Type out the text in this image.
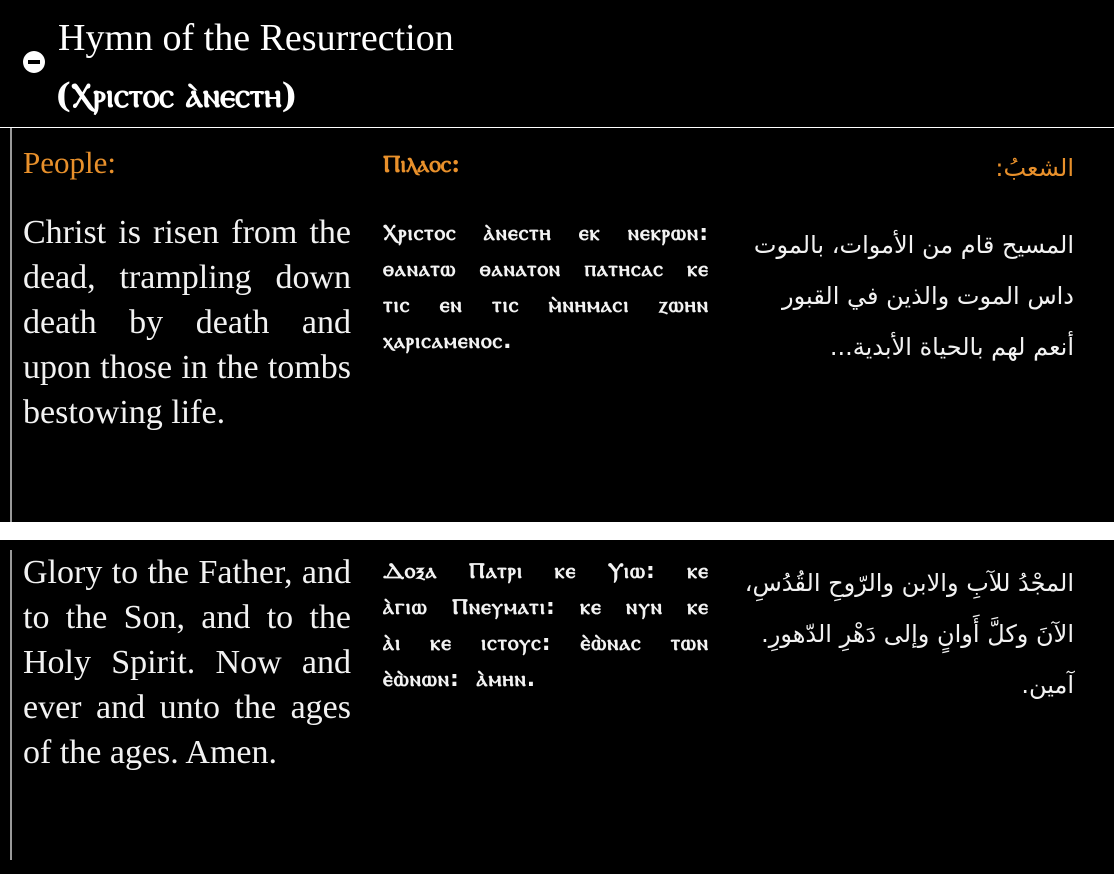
Hymn of the Resurrection
(Ⲭⲣⲓⲥⲧⲟⲥ ⲁ̀ⲛⲉⲥⲧⲏ)
People:	Ⲡⲓⲗⲁⲟⲥ:	الشعبُ:
Christ is risen from the dead, trampling down death by death and upon those in the tombs bestowing life.
Ⲭⲣⲓⲥⲧⲟⲥ ⲁ̀ⲛⲉⲥⲧⲏ ⲉⲕ ⲛⲉⲕⲣⲱⲛ: ⲑⲁⲛⲁⲧⲱ ⲑⲁⲛⲁⲧⲟⲛ ⲡⲁⲧⲏⲥⲁⲥ ⲕⲉ ⲧⲓⲥ ⲉⲛ ⲧⲓⲥ ⲙ̀ⲛⲏⲙⲁⲥⲓ ⲍⲱⲏⲛ ⲭⲁⲣⲓⲥⲁⲙⲉⲛⲟⲥ.
المسيح قام من الأموات، بالموت داس الموت والذين في القبور أنعم لهم بالحياة الأبدية...
Glory to the Father, and to the Son, and to the Holy Spirit. Now and ever and unto the ages of the ages. Amen.
Ⲇⲟⲝⲁ Ⲡⲁⲧⲣⲓ ⲕⲉ Ⲩⲓⲱ: ⲕⲉ ⲁ̀ⲅⲓⲱ Ⲡⲛⲉⲩⲙⲁⲧⲓ: ⲕⲉ ⲛⲩⲛ ⲕⲉ ⲁ̀ⲓ ⲕⲉ ⲓⲥⲧⲟⲩⲥ: ⲉ̀ⲱ̀ⲛⲁⲥ ⲧⲱⲛ ⲉ̀ⲱ̀ⲛⲱⲛ: ⲁ̀ⲙⲏⲛ.
المجْدُ للآبِ والابن والرّوحِ القُدُسِ، الآنَ وكلَّ أَوانٍ وإلى دَهْرِ الدّهورِ. آمين.
